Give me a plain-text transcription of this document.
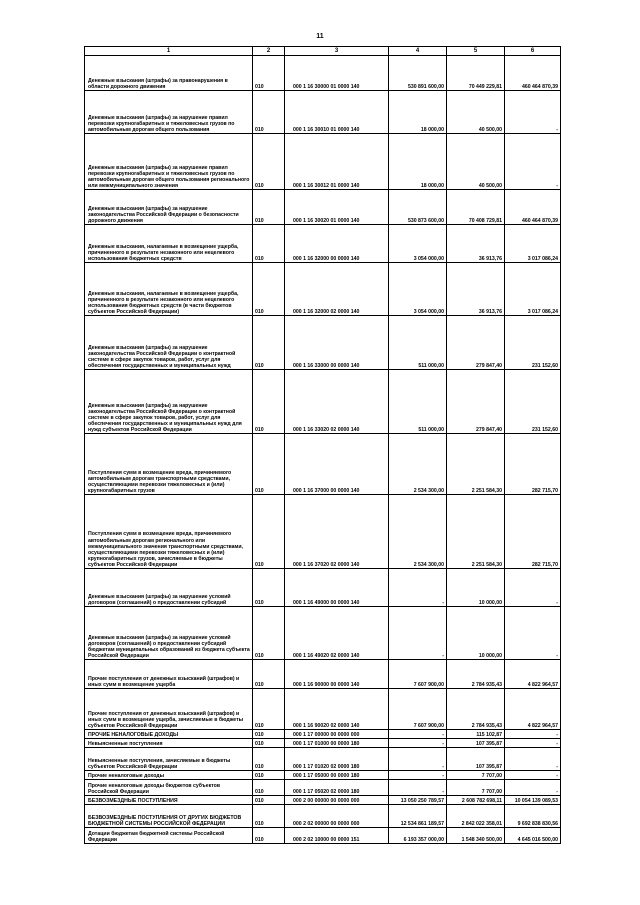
11
1	2	3	4	5	6
Денежные взыскания (штрафы) за правонарушения в области дорожного движения	010	000 1 16 30000 01 0000 140	530 891 600,00	70 449 229,81	460 464 870,39
Денежные взыскания (штрафы) за нарушение правил перевозки крупногабаритных и тяжеловесных грузов по автомобильным дорогам общего пользования	010	000 1 16 30010 01 0000 140	18 000,00	40 500,00	-
Денежные взыскания (штрафы) за нарушение правил перевозки крупногабаритных и тяжеловесных грузов по автомобильным дорогам общего пользования регионального или межмуниципального значения	010	000 1 16 30012 01 0000 140	18 000,00	40 500,00	-
Денежные взыскания (штрафы) за нарушение законодательства Российской Федерации о безопасности дорожного движения	010	000 1 16 30020 01 0000 140	530 873 600,00	70 408 729,81	460 464 870,39
Денежные взыскания, налагаемые в возмещение ущерба, причиненного в результате незаконного или нецелевого использования бюджетных средств	010	000 1 16 32000 00 0000 140	3 054 000,00	36 913,76	3 017 086,24
Денежные взыскания, налагаемые в возмещение ущерба, причиненного в результате незаконного или нецелевого использования бюджетных средств (в части бюджетов субъектов Российской Федерации)	010	000 1 16 32000 02 0000 140	3 054 000,00	36 913,76	3 017 086,24
Денежные взыскания (штрафы) за нарушение законодательства Российской Федерации о контрактной системе в сфере закупок товаров, работ, услуг для обеспечения государственных и муниципальных нужд	010	000 1 16 33000 00 0000 140	511 000,00	279 847,40	231 152,60
Денежные взыскания (штрафы) за нарушение законодательства Российской Федерации о контрактной системе в сфере закупок товаров, работ, услуг для обеспечения государственных и муниципальных нужд для нужд субъектов Российской Федерации	010	000 1 16 33020 02 0000 140	511 000,00	279 847,40	231 152,60
Поступления сумм в возмещение вреда, причиняемого автомобильным дорогам транспортными средствами, осуществляющими перевозки тяжеловесных и (или) крупногабаритных грузов	010	000 1 16 37000 00 0000 140	2 534 300,00	2 251 584,30	282 715,70
Поступления сумм в возмещение вреда, причиняемого автомобильным дорогам регионального или межмуниципального значения транспортными средствами, осуществляющими перевозки тяжеловесных и (или) крупногабаритных грузов, зачисляемые в бюджеты субъектов Российской Федерации	010	000 1 16 37020 02 0000 140	2 534 300,00	2 251 584,30	282 715,70
Денежные взыскания (штрафы) за нарушение условий договоров (соглашений) о предоставлении субсидий	010	000 1 16 49000 00 0000 140	-	10 000,00	-
Денежные взыскания (штрафы) за нарушение условий договоров (соглашений) о предоставлении субсидий бюджетам муниципальных образований из бюджета субъекта Российской Федерации	010	000 1 16 49020 02 0000 140	-	10 000,00	-
Прочие поступления от денежных взысканий (штрафов) и иных сумм в возмещение ущерба	010	000 1 16 90000 00 0000 140	7 607 900,00	2 784 935,43	4 822 964,57
Прочие поступления от денежных взысканий (штрафов) и иных сумм в возмещение ущерба, зачисляемые в бюджеты субъектов Российской Федерации	010	000 1 16 90020 02 0000 140	7 607 900,00	2 784 935,43	4 822 964,57
ПРОЧИЕ НЕНАЛОГОВЫЕ ДОХОДЫ	010	000 1 17 00000 00 0000 000	-	115 102,87	-
Невыясненные поступления	010	000 1 17 01000 00 0000 180	-	107 395,87	-
Невыясненные поступления, зачисляемые в бюджеты субъектов Российской Федерации	010	000 1 17 01020 02 0000 180	-	107 395,87	-
Прочие неналоговые доходы	010	000 1 17 05000 00 0000 180	-	7 707,00	-
Прочие неналоговые доходы бюджетов субъектов Российской Федерации	010	000 1 17 05020 02 0000 180	-	7 707,00	-
БЕЗВОЗМЕЗДНЫЕ ПОСТУПЛЕНИЯ	010	000 2 00 00000 00 0000 000	13 050 250 789,57	2 608 782 698,11	10 054 139 089,53
БЕЗВОЗМЕЗДНЫЕ ПОСТУПЛЕНИЯ ОТ ДРУГИХ БЮДЖЕТОВ БЮДЖЕТНОЙ СИСТЕМЫ РОССИЙСКОЙ ФЕДЕРАЦИИ	010	000 2 02 00000 00 0000 000	12 534 861 189,57	2 842 022 358,01	9 692 838 830,56
Дотации бюджетам бюджетной системы Российской Федерации	010	000 2 02 10000 00 0000 151	6 193 357 000,00	1 548 340 500,00	4 645 016 500,00
